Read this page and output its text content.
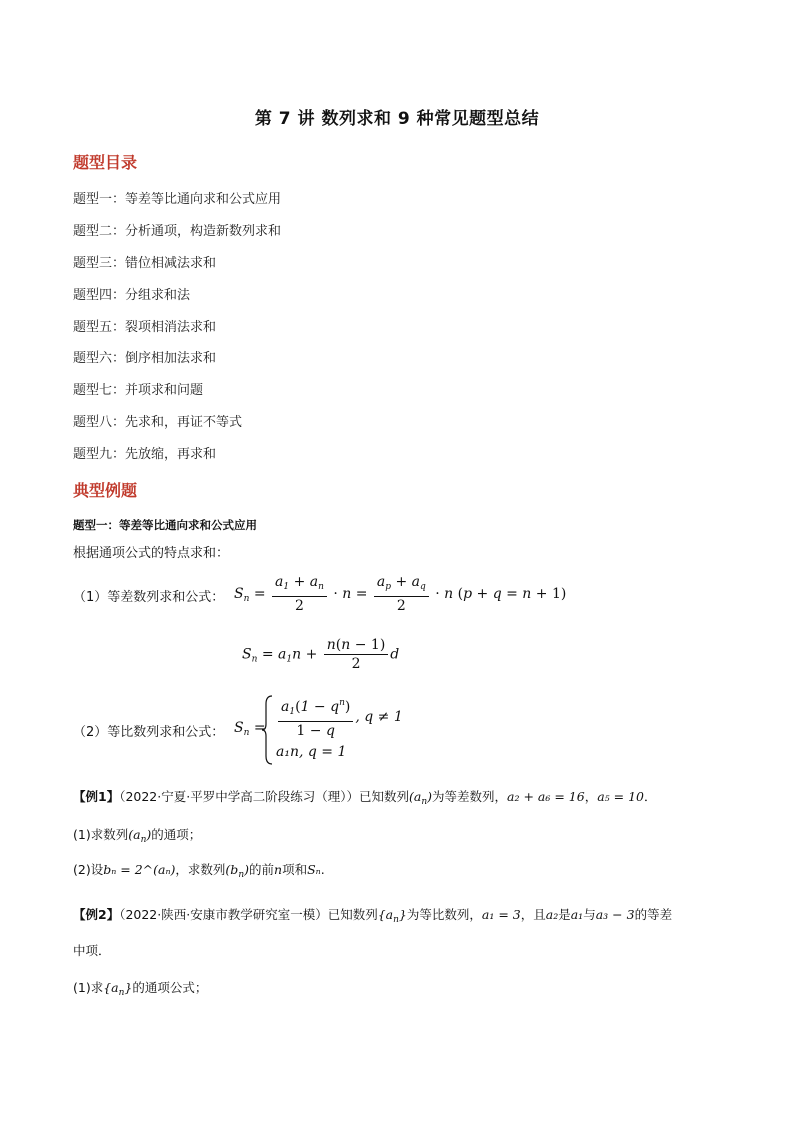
第 7 讲 数列求和 9 种常见题型总结
题型目录
题型一：等差等比通向求和公式应用
题型二：分析通项，构造新数列求和
题型三：错位相减法求和
题型四：分组求和法
题型五：裂项相消法求和
题型六：倒序相加法求和
题型七：并项求和问题
题型八：先求和，再证不等式
题型九：先放缩，再求和
典型例题
题型一：等差等比通向求和公式应用
根据通项公式的特点求和：
（1）等差数列求和公式： $S_n = \frac{a_1 + a_n}{2} \cdot n = \frac{a_p + a_q}{2} \cdot n$ (p + q = n + 1)
$S_n = a_1n + \frac{n(n - 1)}{2}$ d
（2）等比数列求和公式： $S_n = \frac{a_1(1 - q^n)}{1 - q}$ , q ≠ 1
a₁n, q = 1
【例1】（2022·宁夏·平罗中学高二阶段练习（理））已知数列$(a_n)$为等差数列，a₂ + a₆ = 16，a₅ = 10．
(1)求数列$(a_n)$的通项；
(2)设bₙ = 2^(aₙ)，求数列$(b_n)$的前n项和Sₙ.
【例2】（2022·陕西·安康市教学研究室一模）已知数列$\{a_n\}$为等比数列，a₁ = 3，且a₂是a₁与a₃ − 3的等差
中项．
(1)求$\{a_n\}$的通项公式；
